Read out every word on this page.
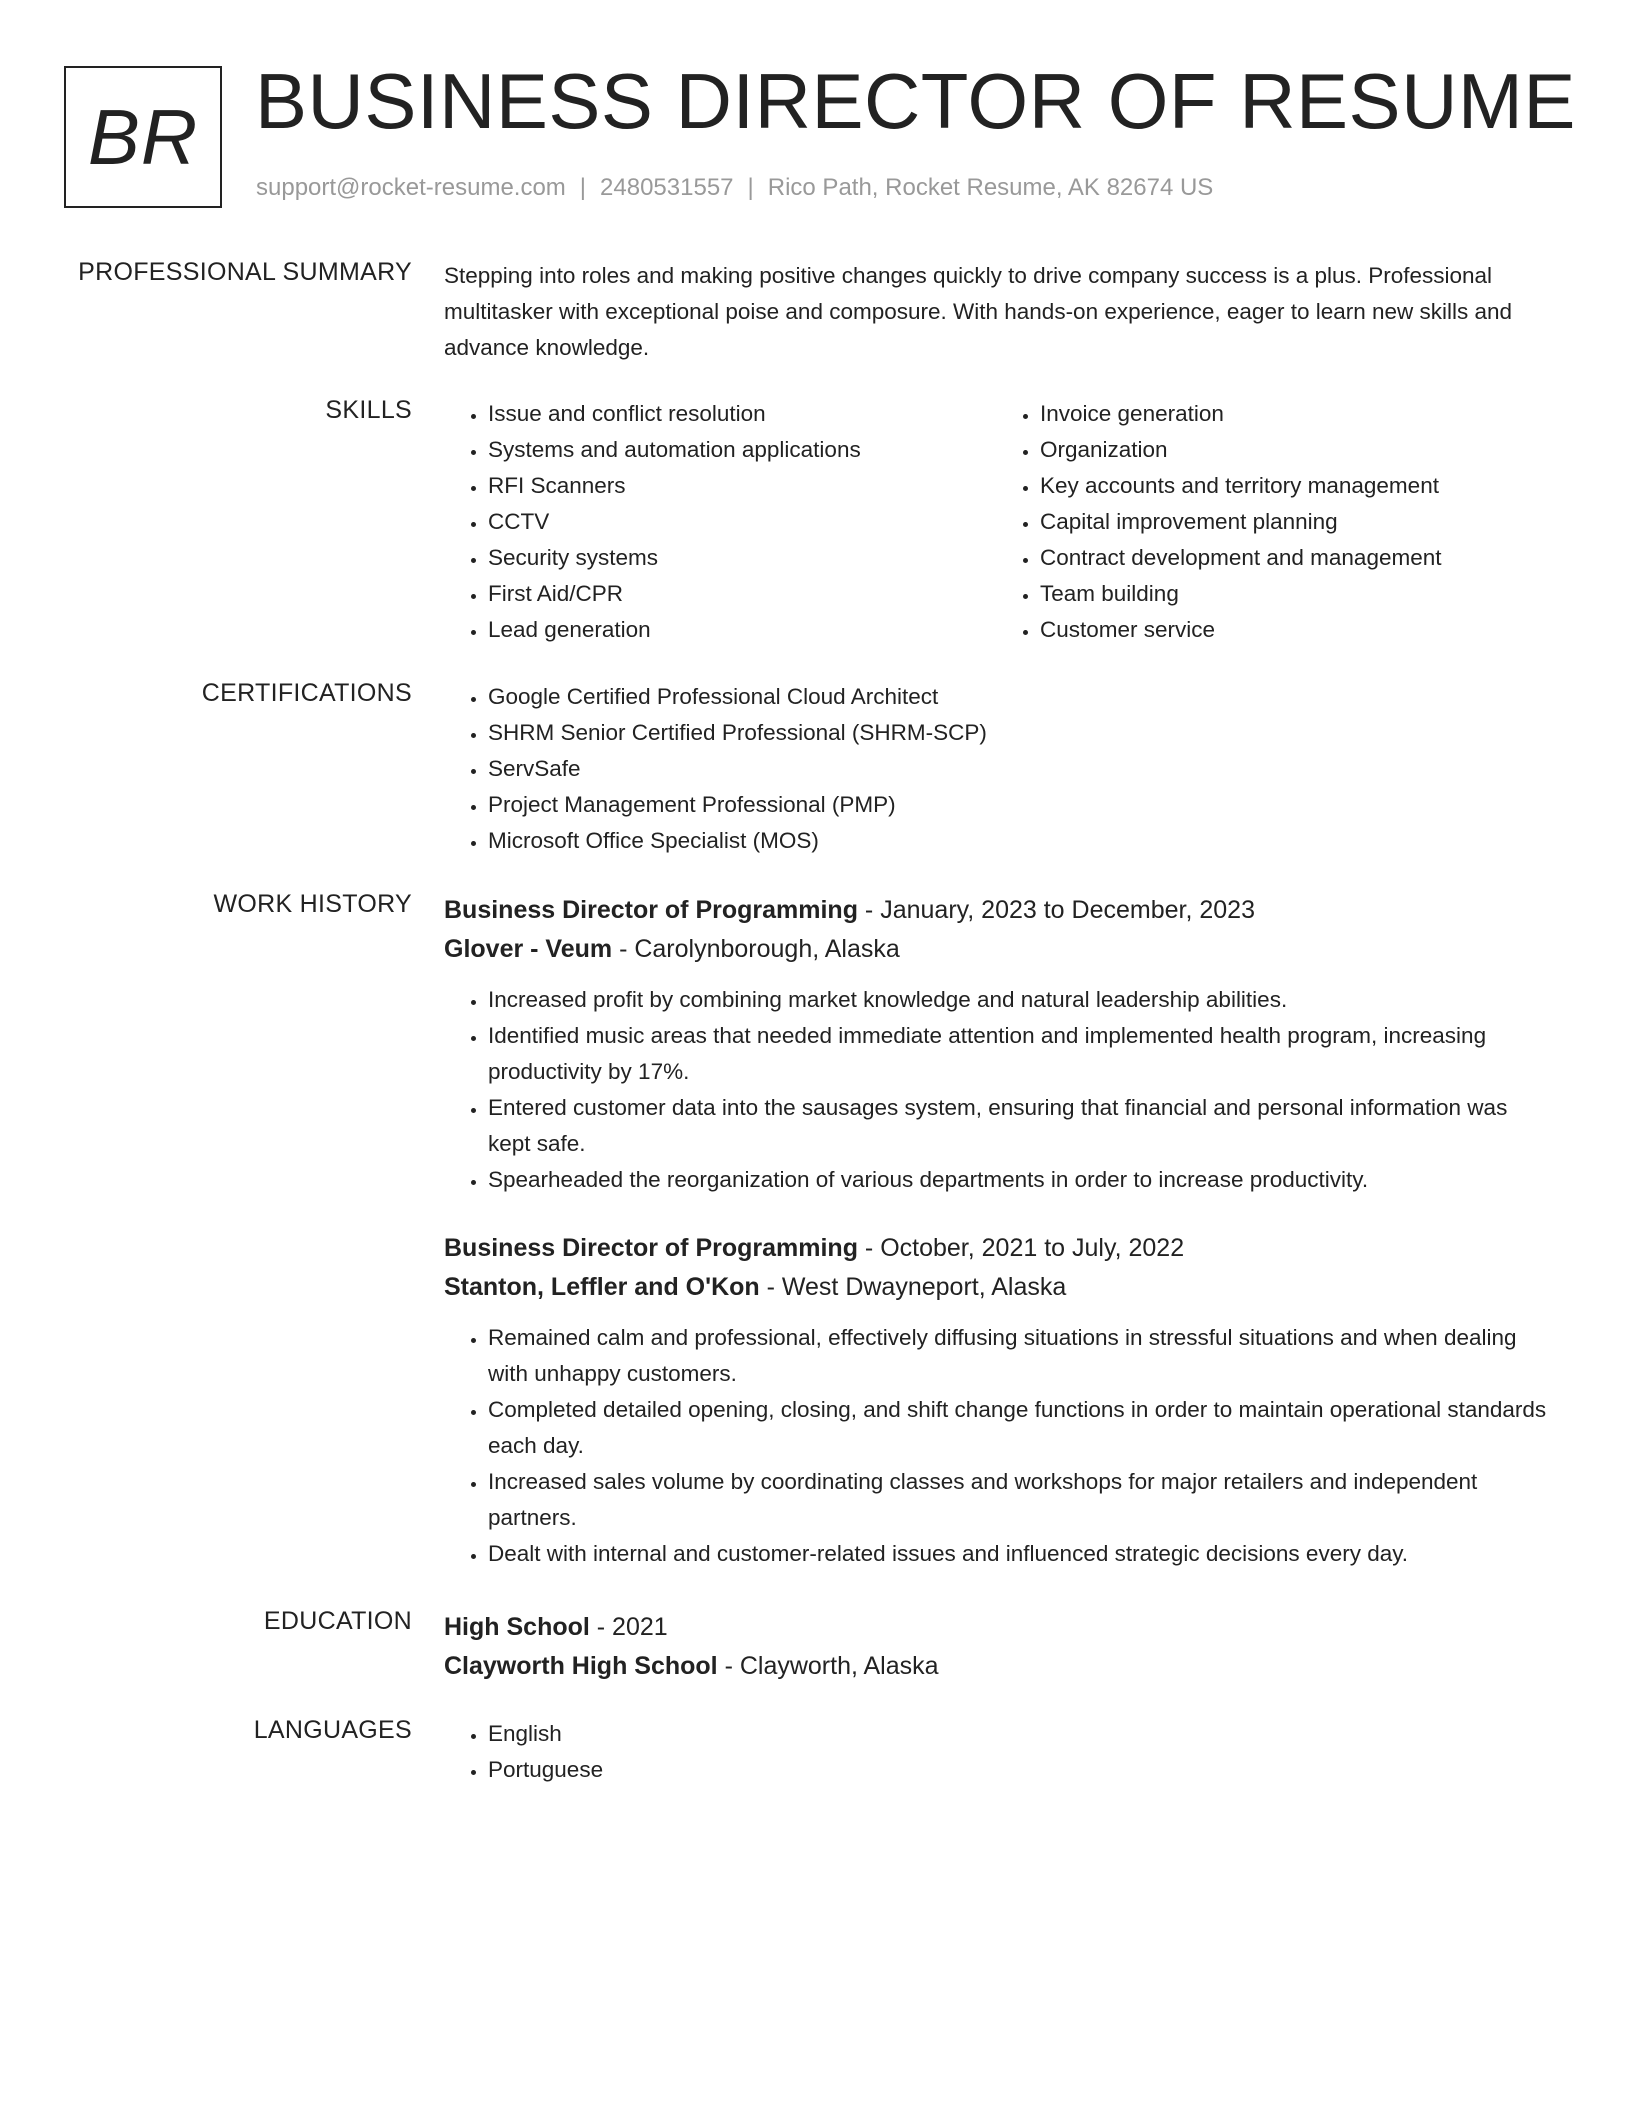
BR BUSINESS DIRECTOR OF RESUME
support@rocket-resume.com | 2480531557 | Rico Path, Rocket Resume, AK 82674 US
PROFESSIONAL SUMMARY Stepping into roles and making positive changes quickly to drive company success is a plus. Professional multitasker with exceptional poise and composure. With hands-on experience, eager to learn new skills and advance knowledge.

SKILLS	• Issue and conflict resolution
• Systems and automation applications
• RFI Scanners
• CCTV
• Security systems
• First Aid/CPR
• Lead generation
• Invoice generation
• Organization
• Key accounts and territory management
• Capital improvement planning
• Contract development and management
• Team building
• Customer service
CERTIFICATIONS	• Google Certified Professional Cloud Architect
• SHRM Senior Certified Professional (SHRM-SCP)
• ServSafe
• Project Management Professional (PMP)
• Microsoft Office Specialist (MOS)
WORK HISTORY Business Director of Programming - January, 2023 to December, 2023
Glover - Veum - Carolynborough, Alaska
• Increased profit by combining market knowledge and natural leadership abilities.
• Identified music areas that needed immediate attention and implemented health program, increasing productivity by 17%.
• Entered customer data into the sausages system, ensuring that financial and personal information was kept safe.
• Spearheaded the reorganization of various departments in order to increase productivity.
Business Director of Programming - October, 2021 to July, 2022
Stanton, Leffler and O'Kon - West Dwayneport, Alaska
• Remained calm and professional, effectively diffusing situations in stressful situations and when dealing with unhappy customers.
• Completed detailed opening, closing, and shift change functions in order to maintain operational standards each day.
• Increased sales volume by coordinating classes and workshops for major retailers and independent partners.
• Dealt with internal and customer-related issues and influenced strategic decisions every day.
EDUCATION High School - 2021
Clayworth High School - Clayworth, Alaska
LANGUAGES	• English
• Portuguese
